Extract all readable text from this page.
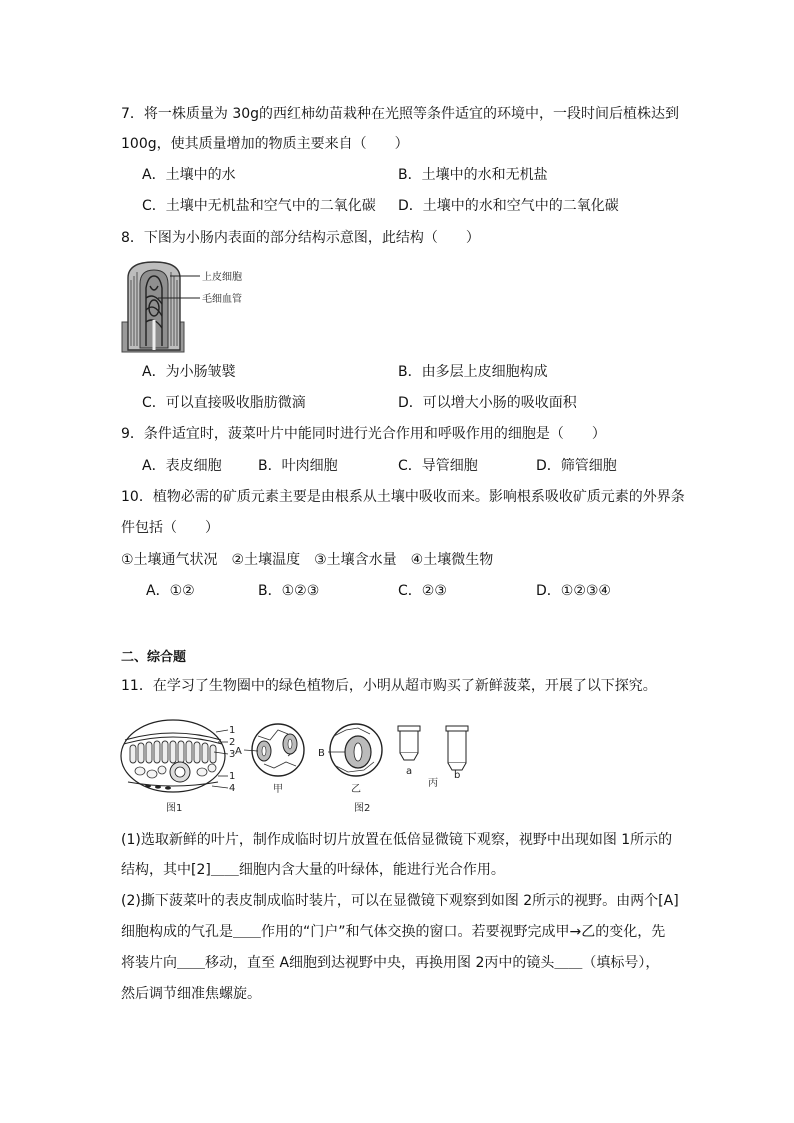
7．将一株质量为 30g的西红柿幼苗栽种在光照等条件适宜的环境中，一段时间后植株达到
100g，使其质量增加的物质主要来自（　　）
A．土壤中的水	B．土壤中的水和无机盐
C．土壤中无机盐和空气中的二氧化碳 D．土壤中的水和空气中的二氧化碳
8．下图为小肠内表面的部分结构示意图，此结构（　　）
上皮细胞
毛细血管
A．为小肠皱襞	B．由多层上皮细胞构成
C．可以直接吸收脂肪微滴	D．可以增大小肠的吸收面积
9．条件适宜时，菠菜叶片中能同时进行光合作用和呼吸作用的细胞是（　　）
A．表皮细胞	B．叶肉细胞	C．导管细胞	D．筛管细胞
10．植物必需的矿质元素主要是由根系从土壤中吸收而来。影响根系吸收矿质元素的外界条
件包括（　　）
①土壤通气状况　②土壤温度　③土壤含水量　④土壤微生物
A．①②	B．①②③	C．②③	D．①②③④
二、综合题
11．在学习了生物圈中的绿色植物后，小明从超市购买了新鲜菠菜，开展了以下探究。
1
2
3
1
4
图1
A
甲
B
乙
a	b
丙
图2
(1)选取新鲜的叶片，制作成临时切片放置在低倍显微镜下观察，视野中出现如图 1所示的
结构，其中[2]＿＿细胞内含大量的叶绿体，能进行光合作用。
(2)撕下菠菜叶的表皮制成临时装片，可以在显微镜下观察到如图 2所示的视野。由两个[A]
细胞构成的气孔是＿＿作用的“门户”和气体交换的窗口。若要视野完成甲→乙的变化，先
将装片向＿＿移动，直至 A细胞到达视野中央，再换用图 2丙中的镜头＿＿（填标号），
然后调节细准焦螺旋。
